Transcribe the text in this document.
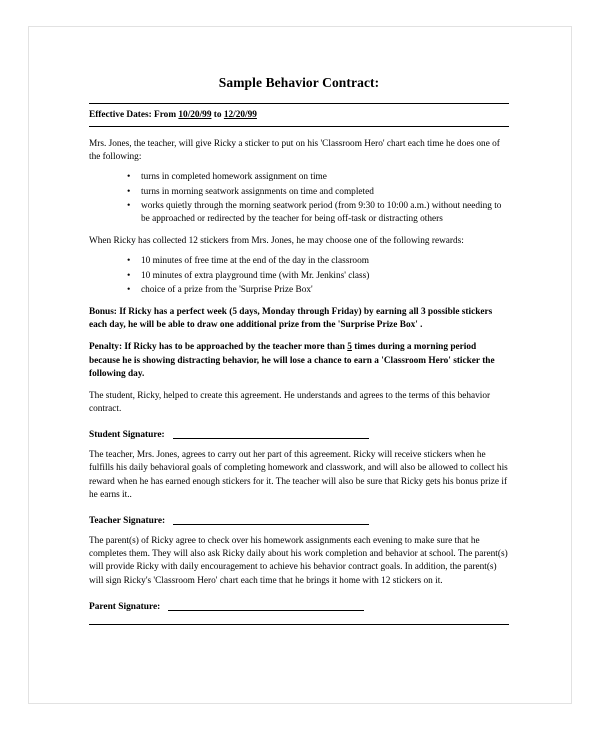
Sample Behavior Contract:
Effective Dates: From 10/20/99 to 12/20/99

Mrs. Jones, the teacher, will give Ricky a sticker to put on his 'Classroom Hero' chart each time he does one of the following:

• turns in completed homework assignment on time
• turns in morning seatwork assignments on time and completed
• works quietly through the morning seatwork period (from 9:30 to 10:00 a.m.) without needing to be approached or redirected by the teacher for being off-task or distracting others

When Ricky has collected 12 stickers from Mrs. Jones, he may choose one of the following rewards:

• 10 minutes of free time at the end of the day in the classroom
• 10 minutes of extra playground time (with Mr. Jenkins' class)
• choice of a prize from the 'Surprise Prize Box'

Bonus: If Ricky has a perfect week (5 days, Monday through Friday) by earning all 3 possible stickers each day, he will be able to draw one additional prize from the 'Surprise Prize Box' .

Penalty: If Ricky has to be approached by the teacher more than 5 times during a morning period because he is showing distracting behavior, he will lose a chance to earn a 'Classroom Hero' sticker the following day.

The student, Ricky, helped to create this agreement. He understands and agrees to the terms of this behavior contract.

Student Signature:

The teacher, Mrs. Jones, agrees to carry out her part of this agreement. Ricky will receive stickers when he fulfills his daily behavioral goals of completing homework and classwork, and will also be allowed to collect his reward when he has earned enough stickers for it. The teacher will also be sure that Ricky gets his bonus prize if he earns it..

Teacher Signature:

The parent(s) of Ricky agree to check over his homework assignments each evening to make sure that he completes them. They will also ask Ricky daily about his work completion and behavior at school. The parent(s) will provide Ricky with daily encouragement to achieve his behavior contract goals. In addition, the parent(s) will sign Ricky's 'Classroom Hero' chart each time that he brings it home with 12 stickers on it.

Parent Signature:
